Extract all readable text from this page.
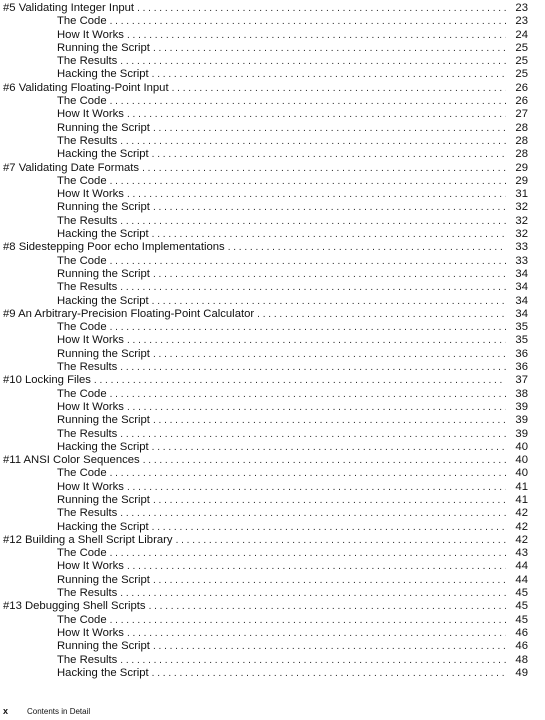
#5 Validating Integer Input . . .	23
The Code . . .	23
How It Works . . .	24
Running the Script . . .	25
The Results . . .	25
Hacking the Script . . .	25
#6 Validating Floating-Point Input . . .	26
The Code . . .	26
How It Works . . .	27
Running the Script . . .	28
The Results . . .	28
Hacking the Script . . .	28
#7 Validating Date Formats . . .	29
The Code . . .	29
How It Works . . .	31
Running the Script . . .	32
The Results . . .	32
Hacking the Script . . .	32
#8 Sidestepping Poor echo Implementations . . .	33
The Code . . .	33
Running the Script . . .	34
The Results . . .	34
Hacking the Script . . .	34
#9 An Arbitrary-Precision Floating-Point Calculator . . .	34
The Code . . .	35
How It Works . . .	35
Running the Script . . .	36
The Results . . .	36
#10 Locking Files . . .	37
The Code . . .	38
How It Works . . .	39
Running the Script . . .	39
The Results . . .	39
Hacking the Script . . .	40
#11 ANSI Color Sequences . . .	40
The Code . . .	40
How It Works . . .	41
Running the Script . . .	41
The Results . . .	42
Hacking the Script . . .	42
#12 Building a Shell Script Library . . .	42
The Code . . .	43
How It Works . . .	44
Running the Script . . .	44
The Results . . .	45
#13 Debugging Shell Scripts . . .	45
The Code . . .	45
How It Works . . .	46
Running the Script . . .	46
The Results . . .	48
Hacking the Script . . .	49
x	Contents in Detail
